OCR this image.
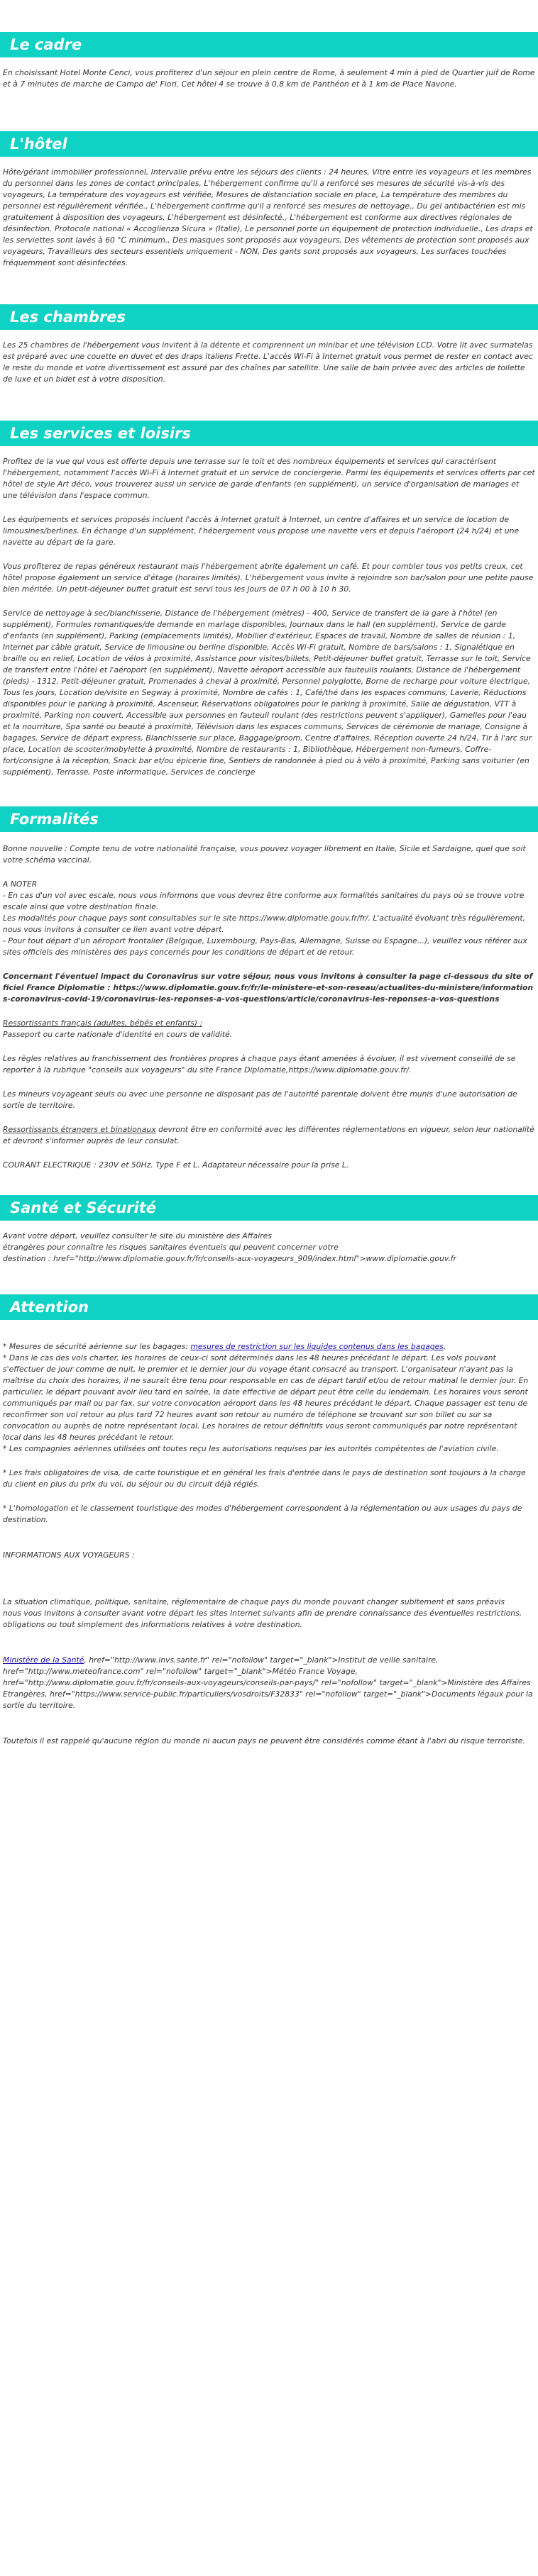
Le cadre

En choisissant Hotel Monte Cenci, vous profiterez d'un séjour en plein centre de Rome, à seulement 4 min à pied de Quartier juif de Rome et à 7 minutes de marche de Campo de' Fiori. Cet hôtel 4 se trouve à 0,8 km de Panthéon et à 1 km de Place Navone.

L'hôtel

Hôte/gérant immobilier professionnel, Intervalle prévu entre les séjours des clients : 24 heures, Vitre entre les voyageurs et les membres du personnel dans les zones de contact principales, L'hébergement confirme qu'il a renforcé ses mesures de sécurité vis-à-vis des voyageurs, La température des voyageurs est vérifiée, Mesures de distanciation sociale en place, La température des membres du personnel est régulièrement vérifiée., L'hébergement confirme qu'il a renforcé ses mesures de nettoyage., Du gel antibactérien est mis gratuitement à disposition des voyageurs, L'hébergement est désinfecté., L'hébergement est conforme aux directives régionales de désinfection. Protocole national « Accoglienza Sicura » (Italie), Le personnel porte un équipement de protection individuelle., Les draps et les serviettes sont lavés à 60 °C minimum., Des masques sont proposés aux voyageurs, Des vêtements de protection sont proposés aux voyageurs, Travailleurs des secteurs essentiels uniquement - NON, Des gants sont proposés aux voyageurs, Les surfaces touchées fréquemment sont désinfectées.

Les chambres

Les 25 chambres de l'hébergement vous invitent à la détente et comprennent un minibar et une télévision LCD. Votre lit avec surmatelas est préparé avec une couette en duvet et des draps italiens Frette. L'accès Wi-Fi à Internet gratuit vous permet de rester en contact avec le reste du monde et votre divertissement est assuré par des chaînes par satellite. Une salle de bain privée avec des articles de toilette de luxe et un bidet est à votre disposition.

Les services et loisirs

Profitez de la vue qui vous est offerte depuis une terrasse sur le toit et des nombreux équipements et services qui caractérisent l'hébergement, notamment l'accès Wi-Fi à Internet gratuit et un service de conciergerie. Parmi les équipements et services offerts par cet hôtel de style Art déco, vous trouverez aussi un service de garde d'enfants (en supplément), un service d'organisation de mariages et une télévision dans l'espace commun.

Les équipements et services proposés incluent l'accès à internet gratuit à Internet, un centre d'affaires et un service de location de limousines/berlines. En échange d'un supplément, l'hébergement vous propose une navette vers et depuis l'aéroport (24 h/24) et une navette au départ de la gare.

Vous profiterez de repas généreux restaurant mais l'hébergement abrite également un café. Et pour combler tous vos petits creux, cet hôtel propose également un service d'étage (horaires limités). L'hébergement vous invite à rejoindre son bar/salon pour une petite pause bien méritée. Un petit-déjeuner buffet gratuit est servi tous les jours de 07 h 00 à 10 h 30.

Service de nettoyage à sec/blanchisserie, Distance de l'hébergement (mètres) - 400, Service de transfert de la gare à l'hôtel (en supplément), Formules romantiques/de demande en mariage disponibles, Journaux dans le hall (en supplément), Service de garde d'enfants (en supplément), Parking (emplacements limités), Mobilier d'extérieur, Espaces de travail, Nombre de salles de réunion : 1, Internet par câble gratuit, Service de limousine ou berline disponible, Accès Wi-Fi gratuit, Nombre de bars/salons : 1, Signalétique en braille ou en relief, Location de vélos à proximité, Assistance pour visites/billets, Petit-déjeuner buffet gratuit, Terrasse sur le toit, Service de transfert entre l'hôtel et l'aéroport (en supplément), Navette aéroport accessible aux fauteuils roulants, Distance de l'hébergement (pieds) - 1312, Petit-déjeuner gratuit, Promenades à cheval à proximité, Personnel polyglotte, Borne de recharge pour voiture électrique, Tous les jours, Location de/visite en Segway à proximité, Nombre de cafés : 1, Café/thé dans les espaces communs, Laverie, Réductions disponibles pour le parking à proximité, Ascenseur, Réservations obligatoires pour le parking à proximité, Salle de dégustation, VTT à proximité, Parking non couvert, Accessible aux personnes en fauteuil roulant (des restrictions peuvent s'appliquer), Gamelles pour l'eau et la nourriture, Spa santé ou beauté à proximité, Télévision dans les espaces communs, Services de cérémonie de mariage, Consigne à bagages, Service de départ express, Blanchisserie sur place, Baggage/groom, Centre d'affaires, Réception ouverte 24 h/24, Tir à l'arc sur place, Location de scooter/mobylette à proximité, Nombre de restaurants : 1, Bibliothèque, Hébergement non-fumeurs, Coffre-fort/consigne à la réception, Snack bar et/ou épicerie fine, Sentiers de randonnée à pied ou à vélo à proximité, Parking sans voiturier (en supplément), Terrasse, Poste informatique, Services de concierge

Formalités

Bonne nouvelle : Compte tenu de votre nationalité française, vous pouvez voyager librement en Italie, Sicile et Sardaigne, quel que soit votre schéma vaccinal.

A NOTER
- En cas d'un vol avec escale, nous vous informons que vous devrez être conforme aux formalités sanitaires du pays où se trouve votre escale ainsi que votre destination finale.
Les modalités pour chaque pays sont consultables sur le site https://www.diplomatie.gouv.fr/fr/. L'actualité évoluant très régulièrement, nous vous invitons à consulter ce lien avant votre départ.
- Pour tout départ d'un aéroport frontalier (Belgique, Luxembourg, Pays-Bas, Allemagne, Suisse ou Espagne...), veuillez vous référer aux sites officiels des ministères des pays concernés pour les conditions de départ et de retour.

Concernant l'éventuel impact du Coronavirus sur votre séjour, nous vous invitons à consulter la page ci-dessous du site officiel France Diplomatie : https://www.diplomatie.gouv.fr/fr/le-ministere-et-son-reseau/actualites-du-ministere/informations-coronavirus-covid-19/coronavirus-les-reponses-a-vos-questions/article/coronavirus-les-reponses-a-vos-questions

Ressortissants français (adultes, bébés et enfants) :
Passeport ou carte nationale d'identité en cours de validité.

Les règles relatives au franchissement des frontières propres à chaque pays étant amenées à évoluer, il est vivement conseillé de se reporter à la rubrique "conseils aux voyageurs" du site France Diplomatie,https://www.diplomatie.gouv.fr/.

Les mineurs voyageant seuls ou avec une personne ne disposant pas de l'autorité parentale doivent être munis d'une autorisation de sortie de territoire.

Ressortissants étrangers et binationaux devront être en conformité avec les différentes réglementations en vigueur, selon leur nationalité et devront s'informer auprès de leur consulat.

COURANT ELECTRIQUE : 230V et 50Hz. Type F et L. Adaptateur nécessaire pour la prise L.

Santé et Sécurité

Avant votre départ, veuillez consulter le site du ministère des Affaires
étrangères pour connaître les risques sanitaires éventuels qui peuvent concerner votre
destination : href="http://www.diplomatie.gouv.fr/fr/conseils-aux-voyageurs_909/index.html">www.diplomatie.gouv.fr

Attention

* Mesures de sécurité aérienne sur les bagages: mesures de restriction sur les liquides contenus dans les bagages.
* Dans le cas des vols charter, les horaires de ceux-ci sont déterminés dans les 48 heures précédant le départ. Les vols pouvant s'effectuer de jour comme de nuit, le premier et le dernier jour du voyage étant consacré au transport. L'organisateur n'ayant pas la maîtrise du choix des horaires, il ne saurait être tenu pour responsable en cas de départ tardif et/ou de retour matinal le dernier jour. En particulier, le départ pouvant avoir lieu tard en soirée, la date effective de départ peut être celle du lendemain. Les horaires vous seront communiqués par mail ou par fax, sur votre convocation aéroport dans les 48 heures précédant le départ. Chaque passager est tenu de reconfirmer son vol retour au plus tard 72 heures avant son retour au numéro de téléphone se trouvant sur son billet ou sur sa convocation ou auprès de notre représentant local. Les horaires de retour définitifs vous seront communiqués par notre représentant local dans les 48 heures précédant le retour.
* Les compagnies aériennes utilisées ont toutes reçu les autorisations requises par les autorités compétentes de l'aviation civile.

* Les frais obligatoires de visa, de carte touristique et en général les frais d'entrée dans le pays de destination sont toujours à la charge du client en plus du prix du vol, du séjour ou du circuit déjà réglés.

* L'homologation et le classement touristique des modes d'hébergement correspondent à la réglementation ou aux usages du pays de destination.

INFORMATIONS AUX VOYAGEURS :

La situation climatique, politique, sanitaire, réglementaire de chaque pays du monde pouvant changer subitement et sans préavis
nous vous invitons à consulter avant votre départ les sites Internet suivants afin de prendre connaissance des éventuelles restrictions, obligations ou tout simplement des informations relatives à votre destination.

Ministère de la Santé, href="http://www.invs.sante.fr" rel="nofollow" target="_blank">Institut de veille sanitaire, href="http://www.meteofrance.com" rel="nofollow" target="_blank">Météo France Voyage, href="http://www.diplomatie.gouv.fr/fr/conseils-aux-voyageurs/conseils-par-pays/" rel="nofollow" target="_blank">Ministère des Affaires Etrangères, href="https://www.service-public.fr/particuliers/vosdroits/F32833" rel="nofollow" target="_blank">Documents légaux pour la sortie du territoire.

Toutefois il est rappelé qu'aucune région du monde ni aucun pays ne peuvent être considérés comme étant à l'abri du risque terroriste.
